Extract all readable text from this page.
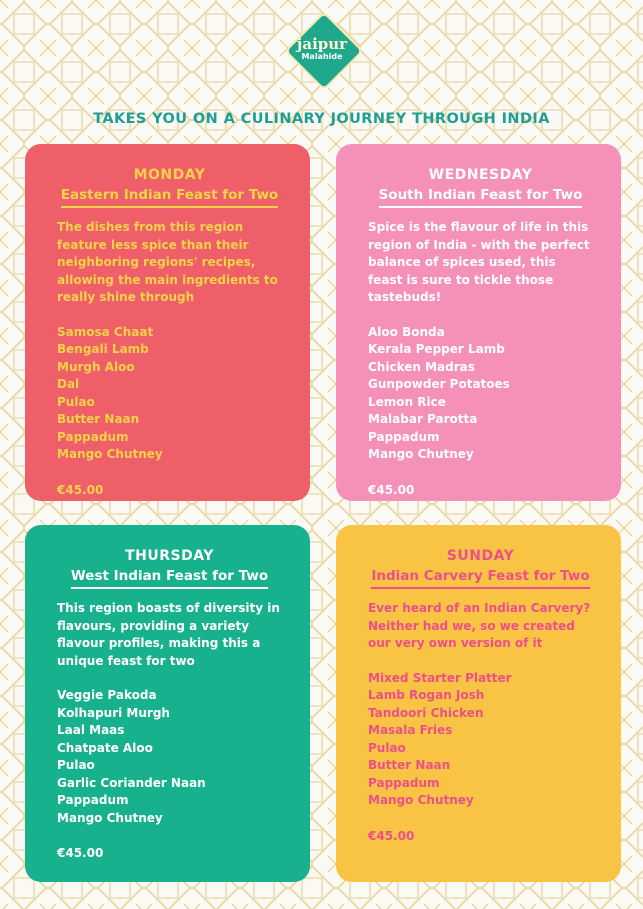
jaipur
Malahide
TAKES YOU ON A CULINARY JOURNEY THROUGH INDIA
MONDAY
Eastern Indian Feast for Two
The dishes from this region feature less spice than their neighboring regions' recipes, allowing the main ingredients to really shine through
Samosa Chaat
Bengali Lamb
Murgh Aloo
Dal
Pulao
Butter Naan
Pappadum
Mango Chutney
€45.00
WEDNESDAY
South Indian Feast for Two
Spice is the flavour of life in this region of India - with the perfect balance of spices used, this feast is sure to tickle those tastebuds!
Aloo Bonda
Kerala Pepper Lamb
Chicken Madras
Gunpowder Potatoes
Lemon Rice
Malabar Parotta
Pappadum
Mango Chutney
€45.00
THURSDAY
West Indian Feast for Two
This region boasts of diversity in flavours, providing a variety flavour profiles, making this a unique feast for two
Veggie Pakoda
Kolhapuri Murgh
Laal Maas
Chatpate Aloo
Pulao
Garlic Coriander Naan
Pappadum
Mango Chutney
€45.00
SUNDAY
Indian Carvery Feast for Two
Ever heard of an Indian Carvery? Neither had we, so we created our very own version of it
Mixed Starter Platter
Lamb Rogan Josh
Tandoori Chicken
Masala Fries
Pulao
Butter Naan
Pappadum
Mango Chutney
€45.00
